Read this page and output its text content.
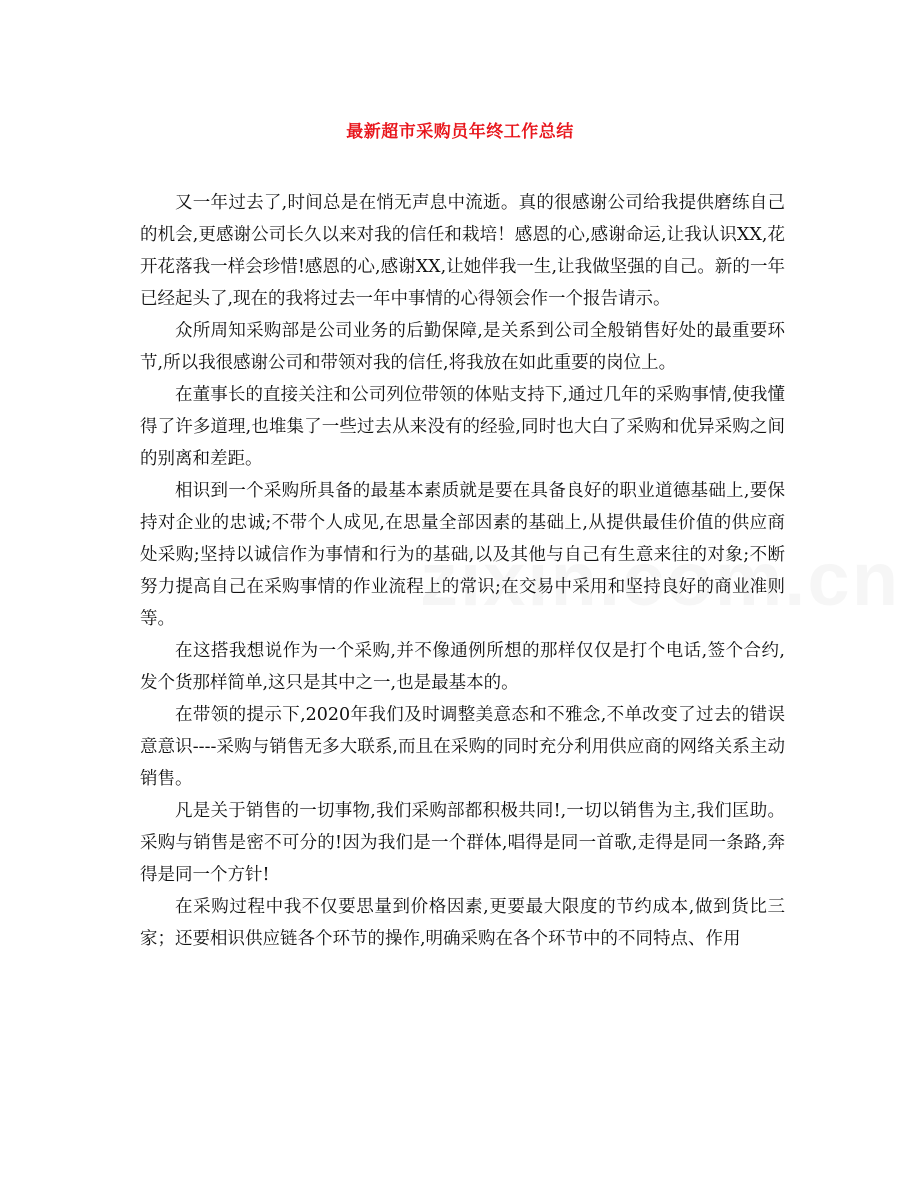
最新超市采购员年终工作总结

又一年过去了,时间总是在悄无声息中流逝。真的很感谢公司给我提供磨练自己的机会,更感谢公司长久以来对我的信任和栽培！感恩的心,感谢命运,让我认识XX,花开花落我一样会珍惜!感恩的心,感谢XX,让她伴我一生,让我做坚强的自己。新的一年已经起头了,现在的我将过去一年中事情的心得领会作一个报告请示。

众所周知采购部是公司业务的后勤保障,是关系到公司全般销售好处的最重要环节,所以我很感谢公司和带领对我的信任,将我放在如此重要的岗位上。

在董事长的直接关注和公司列位带领的体贴支持下,通过几年的采购事情,使我懂得了许多道理,也堆集了一些过去从来没有的经验,同时也大白了采购和优异采购之间的别离和差距。

相识到一个采购所具备的最基本素质就是要在具备良好的职业道德基础上,要保持对企业的忠诚;不带个人成见,在思量全部因素的基础上,从提供最佳价值的供应商处采购;坚持以诚信作为事情和行为的基础,以及其他与自己有生意来往的对象;不断努力提高自己在采购事情的作业流程上的常识;在交易中采用和坚持良好的商业准则等。

在这搭我想说作为一个采购,并不像通例所想的那样仅仅是打个电话,签个合约,发个货那样简单,这只是其中之一,也是最基本的。

在带领的提示下,2020年我们及时调整美意态和不雅念,不单改变了过去的错误意意识----采购与销售无多大联系,而且在采购的同时充分利用供应商的网络关系主动销售。

凡是关于销售的一切事物,我们采购部都积极共同!,一切以销售为主,我们匡助。采购与销售是密不可分的!因为我们是一个群体,唱得是同一首歌,走得是同一条路,奔得是同一个方针!

在采购过程中我不仅要思量到价格因素,更要最大限度的节约成本,做到货比三家；还要相识供应链各个环节的操作,明确采购在各个环节中的不同特点、作用
